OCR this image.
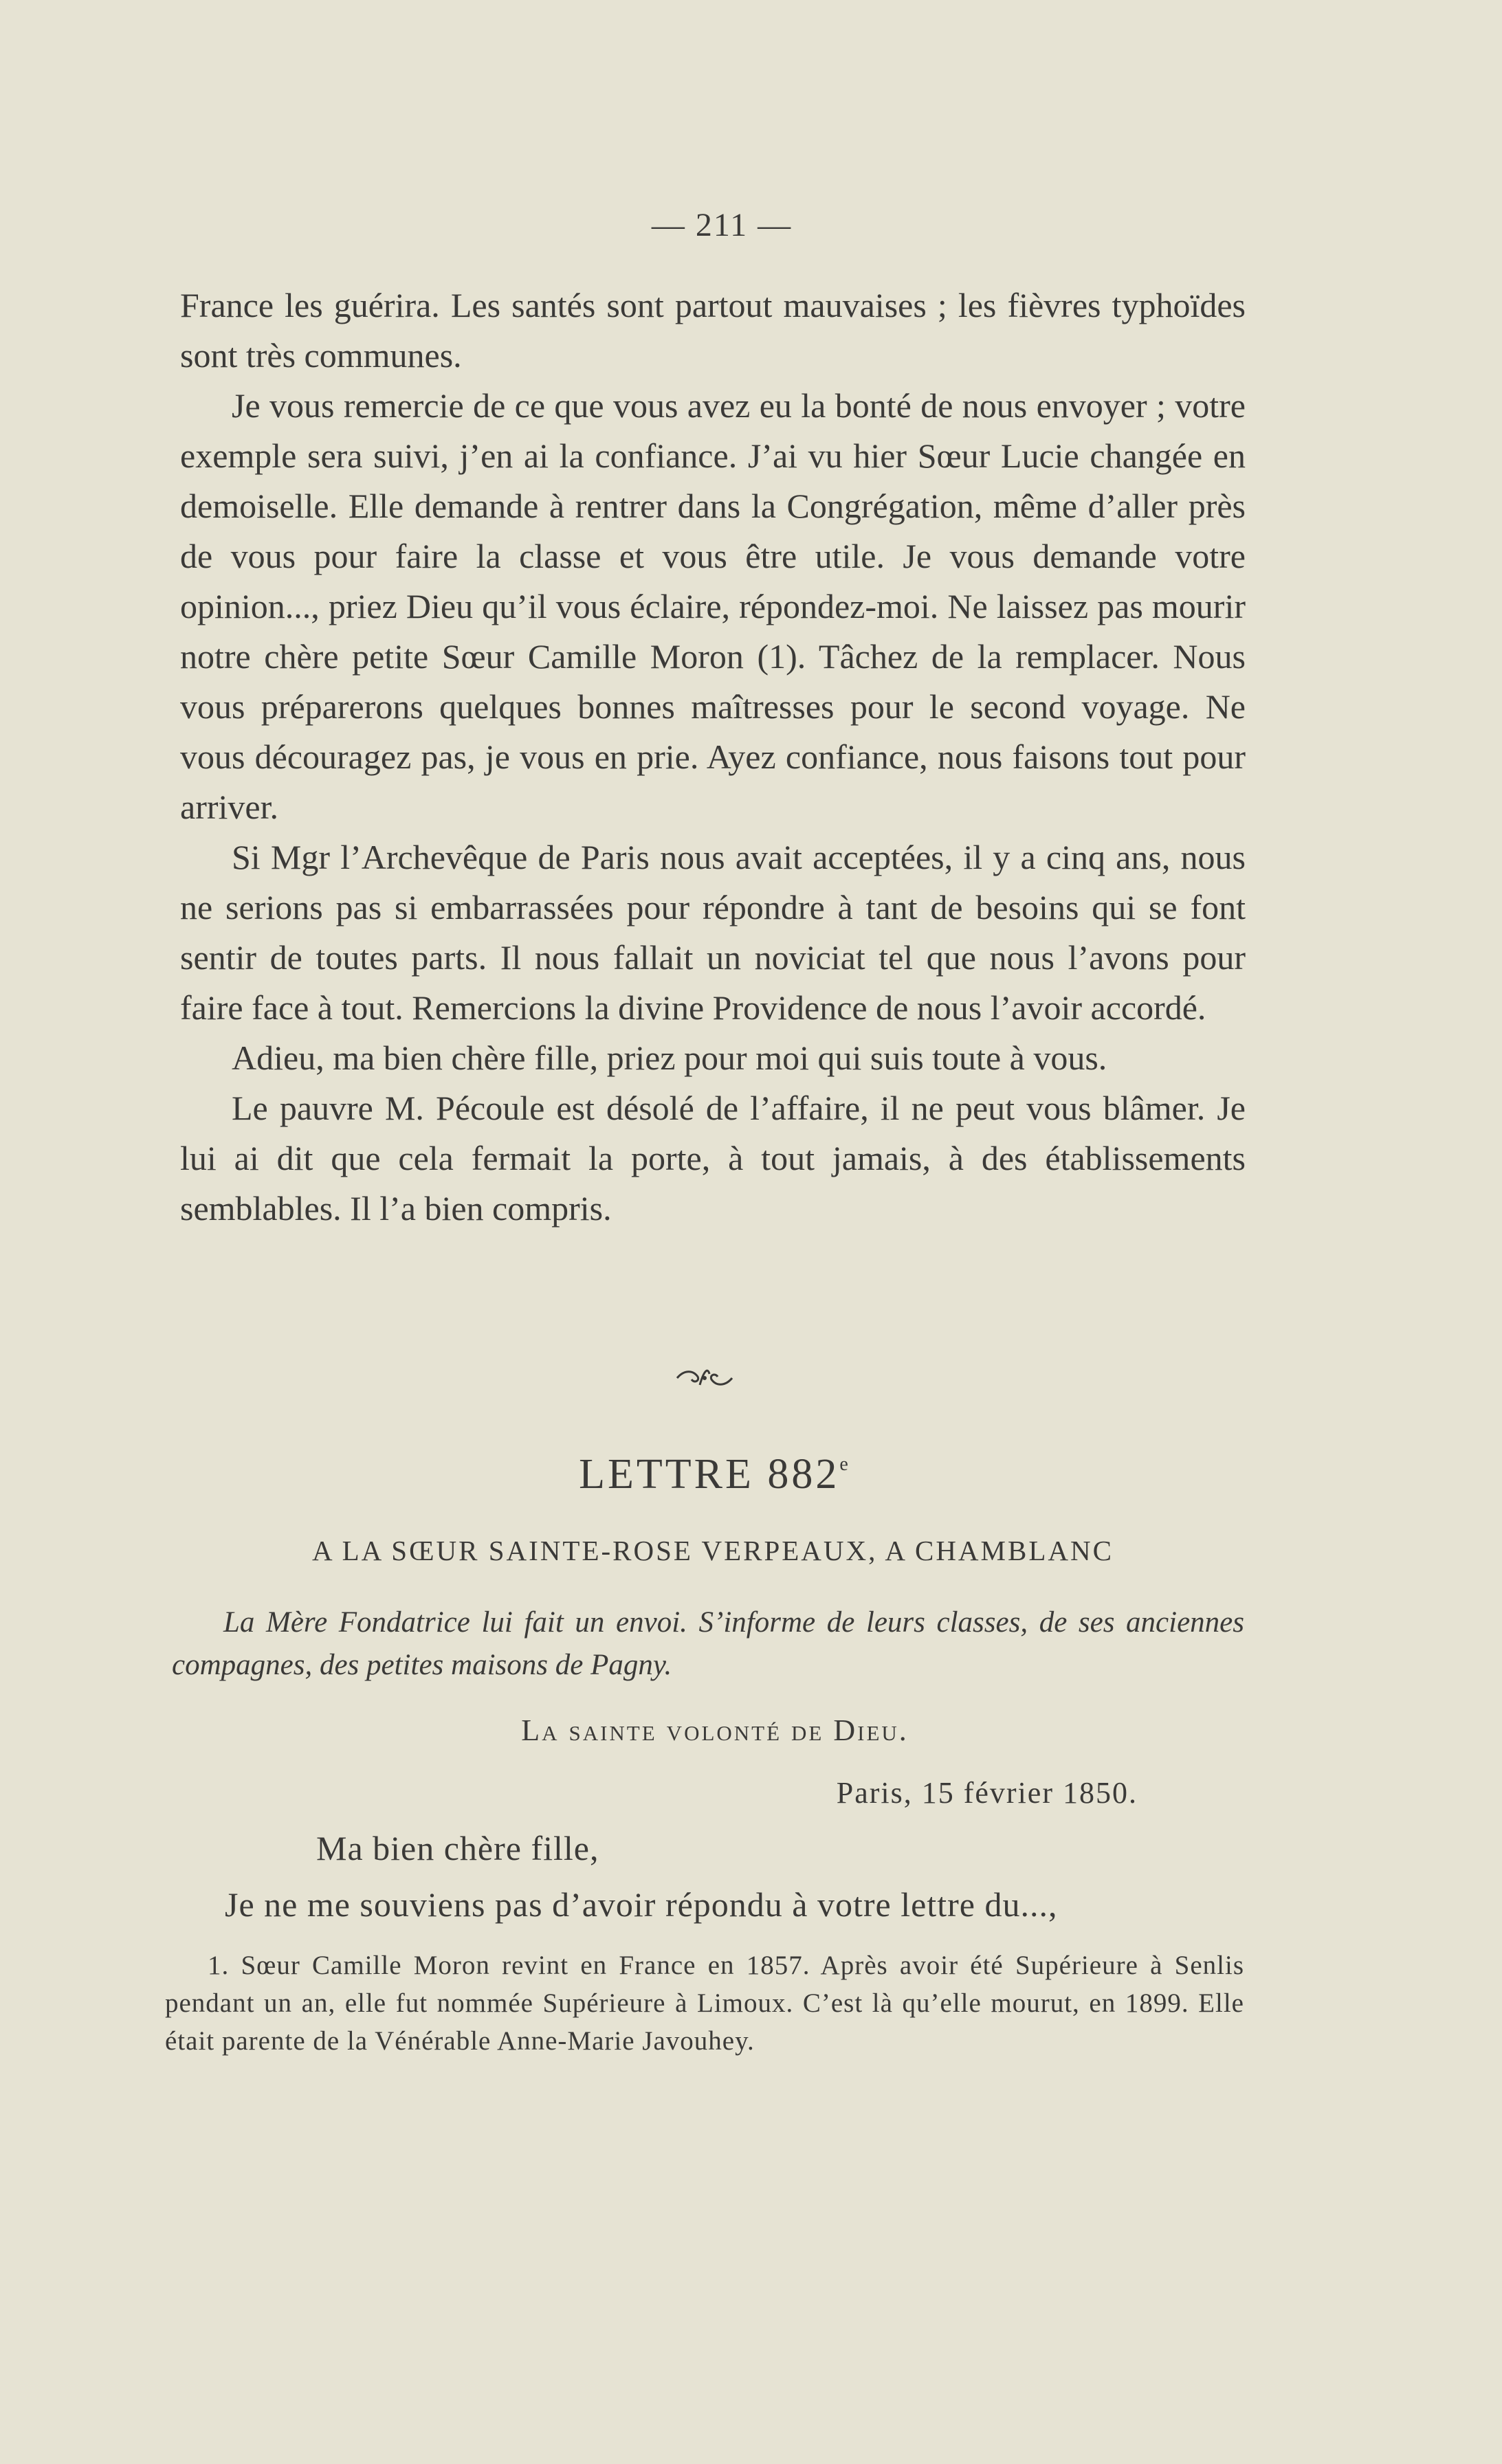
— 211 —

France les guérira. Les santés sont partout mauvaises ; les fièvres typhoïdes sont très communes.

Je vous remercie de ce que vous avez eu la bonté de nous envoyer ; votre exemple sera suivi, j’en ai la confiance. J’ai vu hier Sœur Lucie changée en demoiselle. Elle demande à rentrer dans la Congrégation, même d’aller près de vous pour faire la classe et vous être utile. Je vous demande votre opinion..., priez Dieu qu’il vous éclaire, répondez-moi. Ne laissez pas mourir notre chère petite Sœur Camille Moron (1). Tâchez de la remplacer. Nous vous préparerons quelques bonnes maîtresses pour le second voyage. Ne vous découragez pas, je vous en prie. Ayez confiance, nous faisons tout pour arriver.

Si Mgr l’Archevêque de Paris nous avait acceptées, il y a cinq ans, nous ne serions pas si embarrassées pour répondre à tant de besoins qui se font sentir de toutes parts. Il nous fallait un noviciat tel que nous l’avons pour faire face à tout. Remercions la divine Providence de nous l’avoir accordé.

Adieu, ma bien chère fille, priez pour moi qui suis toute à vous.

Le pauvre M. Pécoule est désolé de l’affaire, il ne peut vous blâmer. Je lui ai dit que cela fermait la porte, à tout jamais, à des établissements semblables. Il l’a bien compris.

LETTRE 882e
A LA SŒUR SAINTE-ROSE VERPEAUX, A CHAMBLANC
La Mère Fondatrice lui fait un envoi. S’informe de leurs classes, de ses anciennes compagnes, des petites maisons de Pagny.
La sainte volonté de Dieu.
Paris, 15 février 1850.
Ma bien chère fille,
Je ne me souviens pas d’avoir répondu à votre lettre du...,
1. Sœur Camille Moron revint en France en 1857. Après avoir été Supérieure à Senlis pendant un an, elle fut nommée Supérieure à Limoux. C’est là qu’elle mourut, en 1899. Elle était parente de la Vénérable Anne-Marie Javouhey.
